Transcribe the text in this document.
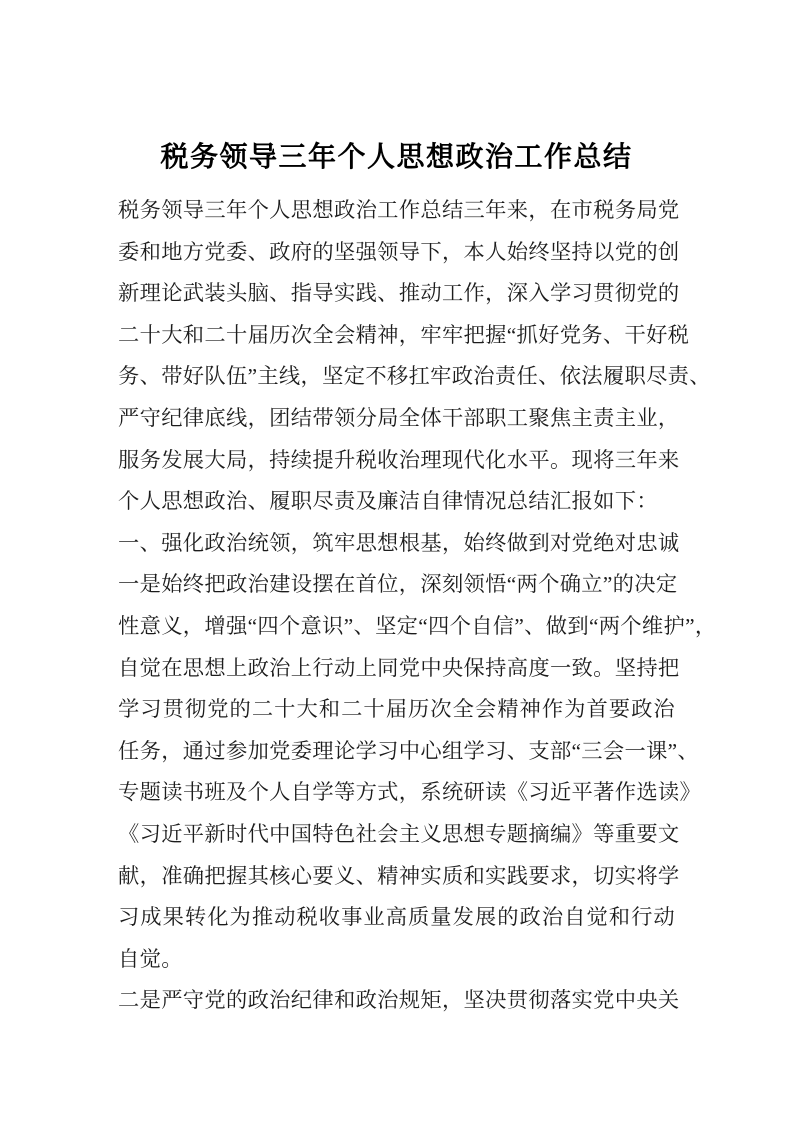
税务领导三年个人思想政治工作总结
税务领导三年个人思想政治工作总结三年来，在市税务局党
委和地方党委、政府的坚强领导下，本人始终坚持以党的创
新理论武装头脑、指导实践、推动工作，深入学习贯彻党的
二十大和二十届历次全会精神，牢牢把握“抓好党务、干好税
务、带好队伍”主线，坚定不移扛牢政治责任、依法履职尽责、
严守纪律底线，团结带领分局全体干部职工聚焦主责主业，
服务发展大局，持续提升税收治理现代化水平。现将三年来
个人思想政治、履职尽责及廉洁自律情况总结汇报如下：
一、强化政治统领，筑牢思想根基，始终做到对党绝对忠诚
一是始终把政治建设摆在首位，深刻领悟“两个确立”的决定
性意义，增强“四个意识”、坚定“四个自信”、做到“两个维护”，
自觉在思想上政治上行动上同党中央保持高度一致。坚持把
学习贯彻党的二十大和二十届历次全会精神作为首要政治
任务，通过参加党委理论学习中心组学习、支部“三会一课”、
专题读书班及个人自学等方式，系统研读《习近平著作选读》
《习近平新时代中国特色社会主义思想专题摘编》等重要文
献，准确把握其核心要义、精神实质和实践要求，切实将学
习成果转化为推动税收事业高质量发展的政治自觉和行动
自觉。
二是严守党的政治纪律和政治规矩，坚决贯彻落实党中央关
